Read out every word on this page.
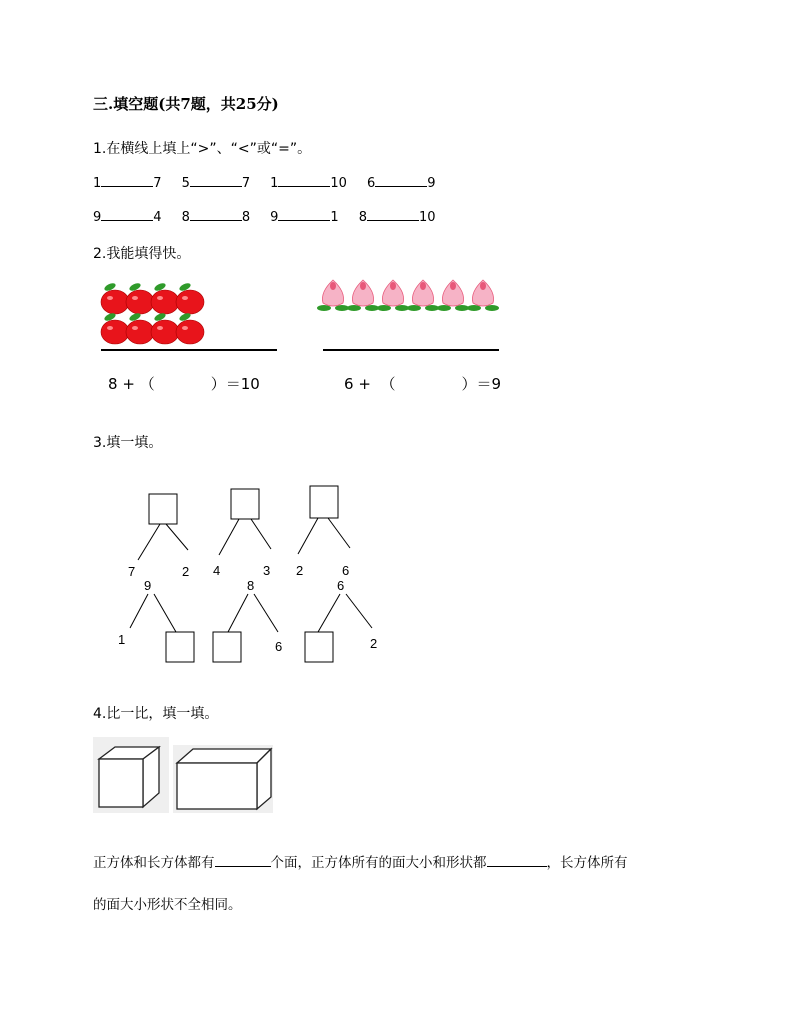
三.填空题(共7题，共25分)
1.在横线上填上“>”、“<”或“=”。
1	7 5	7 1	10 6	9
9	4 8	8 9	1 8	10
2.我能填得快。
8 + （	）＝10	6 + （	）＝9
3.填一填。
7	2 4	3 2	6
9
1
8
6
6
2
4.比一比，填一填。
正方体和长方体都有	个面，正方体所有的面大小和形状都	，长方体所有
的面大小形状不全相同。
